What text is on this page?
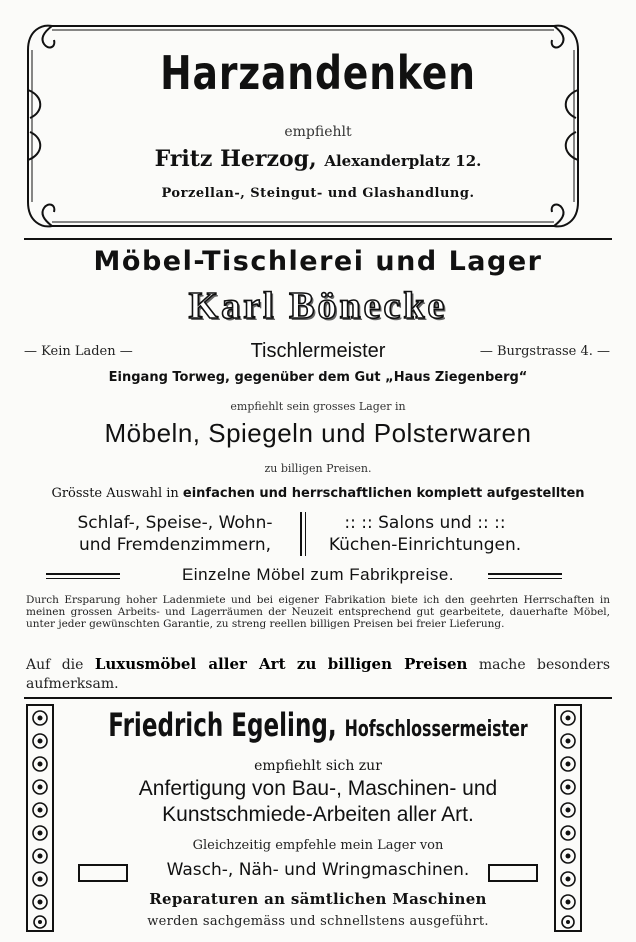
Harzandenken
empfiehlt
Fritz Herzog, Alexanderplatz 12.
Porzellan-, Steingut- und Glashandlung.
Möbel-Tischlerei und Lager
Karl Bönecke
— Kein Laden —	Tischlermeister	— Burgstrasse 4. —
Eingang Torweg, gegenüber dem Gut „Haus Ziegenberg“
empfiehlt sein grosses Lager in
Möbeln, Spiegeln und Polsterwaren
zu billigen Preisen.
Grösste Auswahl in einfachen und herrschaftlichen komplett aufgestellten
Schlaf-, Speise-, Wohn-
und Fremdenzimmern,
:: :: Salons und :: ::
Küchen-Einrichtungen.
Einzelne Möbel zum Fabrikpreise.
Durch Ersparung hoher Ladenmiete und bei eigener Fabrikation biete ich den geehrten Herrschaften in meinen grossen Arbeits- und Lagerräumen der Neuzeit entsprechend gut gearbeitete, dauerhafte Möbel, unter jeder gewünschten Garantie, zu streng reellen billigen Preisen bei freier Lieferung.
Auf die Luxusmöbel aller Art zu billigen Preisen mache besonders aufmerksam.
Friedrich Egeling, Hofschlossermeister
empfiehlt sich zur
Anfertigung von Bau-, Maschinen- und
Kunstschmiede-Arbeiten aller Art.
Gleichzeitig empfehle mein Lager von
Wasch-, Näh- und Wringmaschinen.
Reparaturen an sämtlichen Maschinen
werden sachgemäss und schnellstens ausgeführt.
